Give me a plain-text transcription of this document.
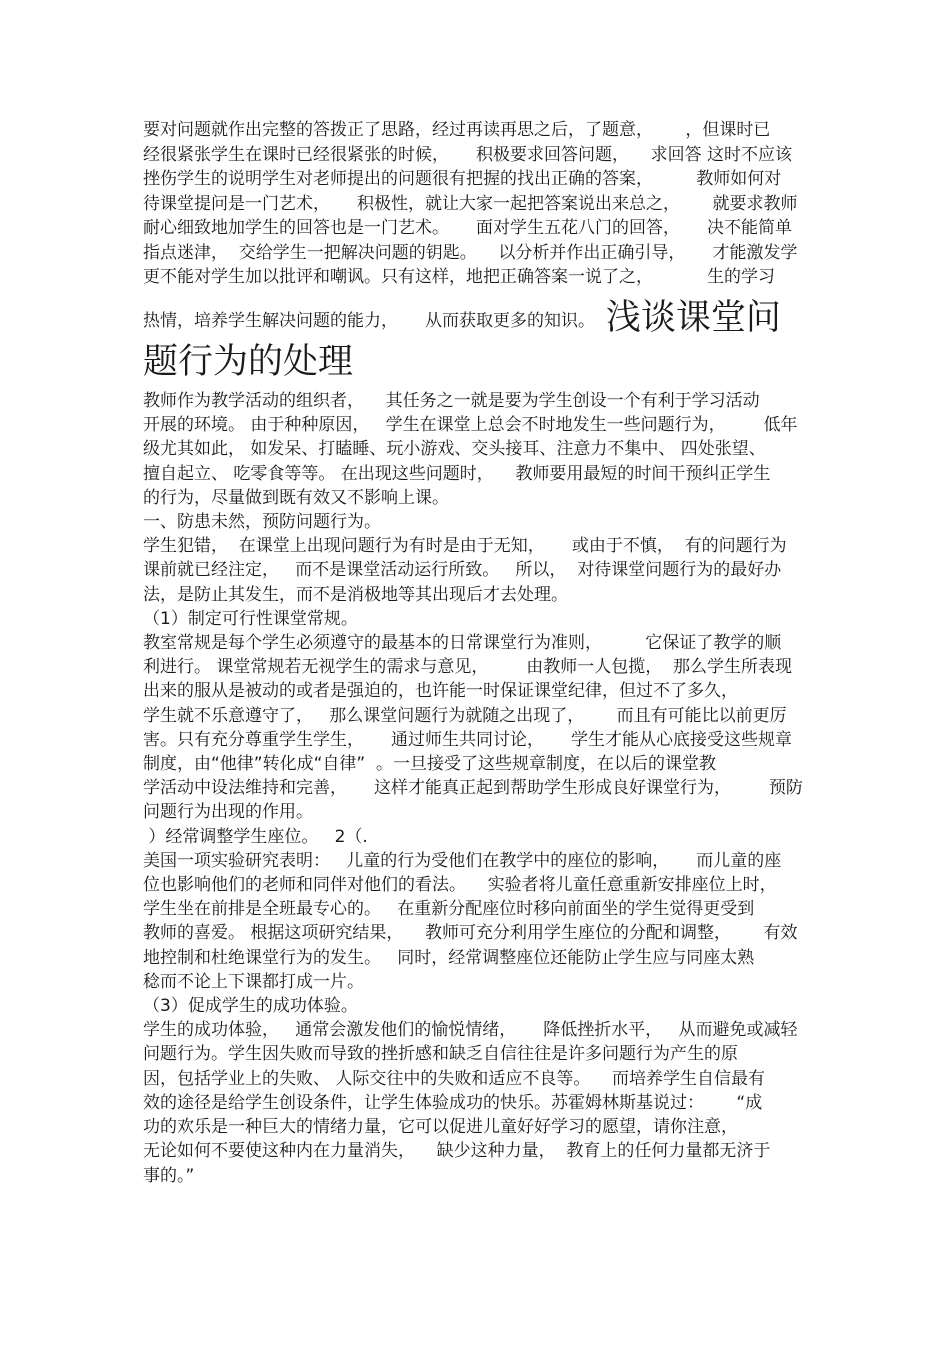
要对问题就作出完整的答拨正了思路，经过再读再思之后，了题意，      ，但课时已
经很紧张学生在课时已经很紧张的时候，     积极要求回答问题，    求回答 这时不应该
挫伤学生的说明学生对老师提出的问题很有把握的找出正确的答案，        教师如何对
待课堂提问是一门艺术，     积极性，就让大家一起把答案说出来总之，      就要求教师
耐心细致地加学生的回答也是一门艺术。     面对学生五花八门的回答，     决不能简单
指点迷津，  交给学生一把解决问题的钥匙。    以分析并作出正确引导，     才能激发学
更不能对学生加以批评和嘲讽。只有这样，地把正确答案一说了之，          生的学习
热情，培养学生解决问题的能力，     从而获取更多的知识。 浅谈课堂问
题行为的处理
教师作为教学活动的组织者，    其任务之一就是要为学生创设一个有利于学习活动
开展的环境。 由于种种原因，   学生在课堂上总会不时地发生一些问题行为，       低年
级尤其如此， 如发呆、打瞌睡、玩小游戏、交头接耳、注意力不集中、 四处张望、
擅自起立、 吃零食等等。 在出现这些问题时，    教师要用最短的时间干预纠正学生
的行为，尽量做到既有效又不影响上课。
一、防患未然，预防问题行为。
学生犯错，  在课堂上出现问题行为有时是由于无知，     或由于不慎，  有的问题行为
课前就已经注定，   而不是课堂活动运行所致。   所以，  对待课堂问题行为的最好办
法，是防止其发生，而不是消极地等其出现后才去处理。
（1）制定可行性课堂常规。
教室常规是每个学生必须遵守的最基本的日常课堂行为准则，        它保证了教学的顺
利进行。 课堂常规若无视学生的需求与意见，       由教师一人包揽，  那么学生所表现
出来的服从是被动的或者是强迫的，也许能一时保证课堂纪律，但过不了多久，
学生就不乐意遵守了，   那么课堂问题行为就随之出现了，      而且有可能比以前更厉
害。只有充分尊重学生学生，     通过师生共同讨论，     学生才能从心底接受这些规章
制度，由“他律”转化成“自律”  。一旦接受了这些规章制度，在以后的课堂教
学活动中设法维持和完善，     这样才能真正起到帮助学生形成良好课堂行为，       预防
问题行为出现的作用。
）经常调整学生座位。   2（.
美国一项实验研究表明：   儿童的行为受他们在教学中的座位的影响，     而儿童的座
位也影响他们的老师和同伴对他们的看法。    实验者将儿童任意重新安排座位上时，
学生坐在前排是全班最专心的。   在重新分配座位时移向前面坐的学生觉得更受到
教师的喜爱。 根据这项研究结果，    教师可充分利用学生座位的分配和调整，      有效
地控制和杜绝课堂行为的发生。   同时，经常调整座位还能防止学生应与同座太熟
稔而不论上下课都打成一片。
（3）促成学生的成功体验。
学生的成功体验，   通常会激发他们的愉悦情绪，     降低挫折水平，   从而避免或减轻
问题行为。学生因失败而导致的挫折感和缺乏自信往往是许多问题行为产生的原
因，包括学业上的失败、 人际交往中的失败和适应不良等。    而培养学生自信最有
效的途径是给学生创设条件，让学生体验成功的快乐。苏霍姆林斯基说过：      “成
功的欢乐是一种巨大的情绪力量，它可以促进儿童好好学习的愿望，请你注意，
无论如何不要使这种内在力量消失，    缺少这种力量，  教育上的任何力量都无济于
事的。”
